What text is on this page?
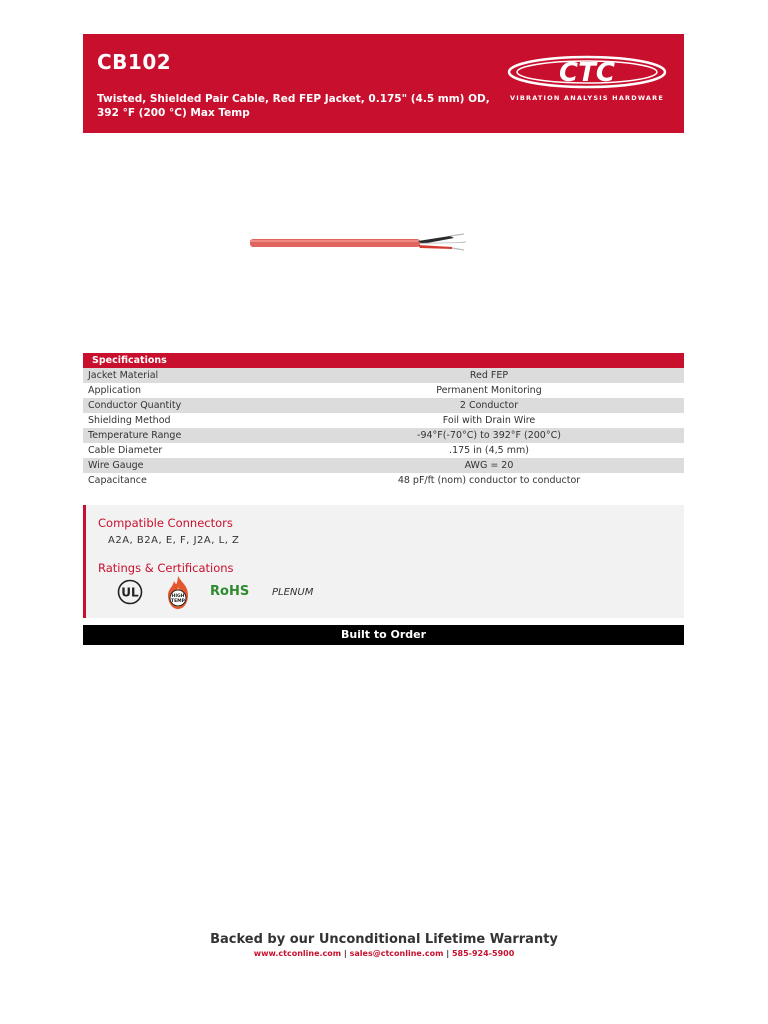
CB102
Twisted, Shielded Pair Cable, Red FEP Jacket, 0.175" (4.5 mm) OD, 392 °F (200 °C) Max Temp
CTC
VIBRATION ANALYSIS HARDWARE
Specifications
Jacket Material	Red FEP
Application	Permanent Monitoring
Conductor Quantity	2 Conductor
Shielding Method	Foil with Drain Wire
Temperature Range	-94°F(-70°C) to 392°F (200°C)
Cable Diameter	.175 in (4,5 mm)
Wire Gauge	AWG = 20
Capacitance	48 pF/ft (nom) conductor to conductor
Compatible Connectors
A2A, B2A, E, F, J2A, L, Z
Ratings & Certifications
UL	HIGH
TEMP
RoHS PLENUM
Built to Order
Backed by our Unconditional Lifetime Warranty
www.ctconline.com | sales@ctconline.com | 585-924-5900
